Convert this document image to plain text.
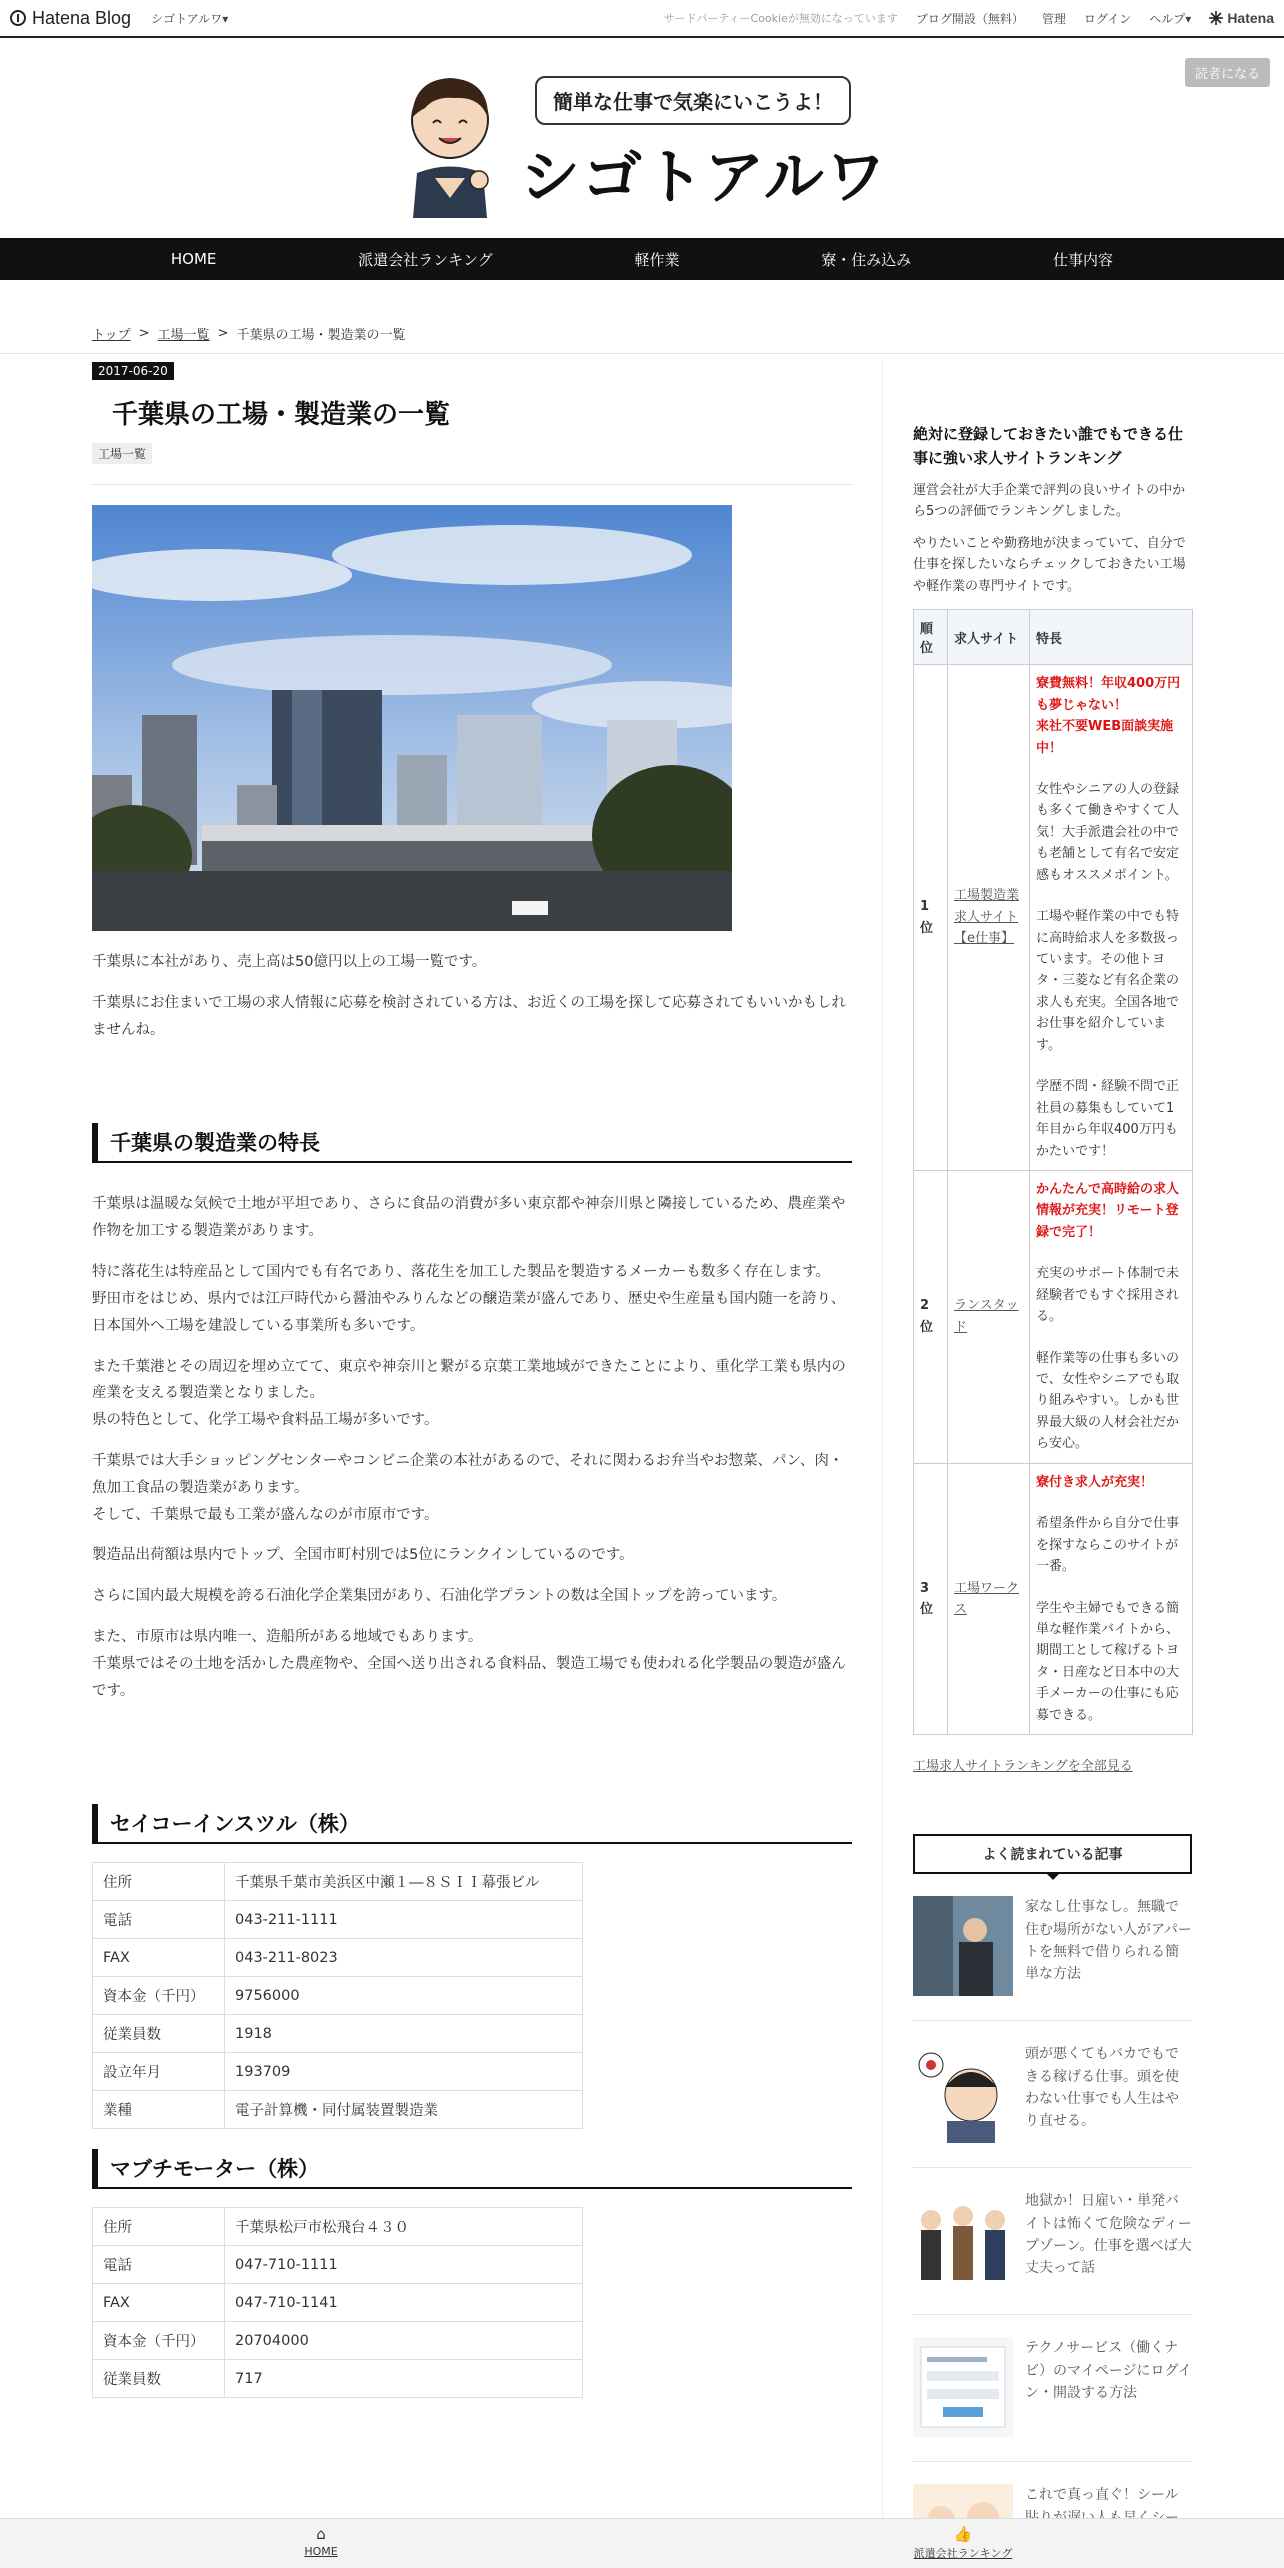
Hatena Blog シゴトアルワ▾	サードパーティーCookieが無効になっています ブログ開設（無料） 管理 ログイン ヘルプ▾	Hatena
読者になる
簡単な仕事で気楽にいこうよ！
シゴトアルワ
HOME	派遣会社ランキング	軽作業	寮・住み込み	仕事内容
トップ > 工場一覧 > 千葉県の工場・製造業の一覧
2017-06-20
千葉県の工場・製造業の一覧
工場一覧

千葉県に本社があり、売上高は50億円以上の工場一覧です。

千葉県にお住まいで工場の求人情報に応募を検討されている方は、お近くの工場を探して応募されてもいいかもしれませんね。

千葉県の製造業の特長

千葉県は温暖な気候で土地が平坦であり、さらに食品の消費が多い東京都や神奈川県と隣接しているため、農産業や作物を加工する製造業があります。

特に落花生は特産品として国内でも有名であり、落花生を加工した製品を製造するメーカーも数多く存在します。
野田市をはじめ、県内では江戸時代から醤油やみりんなどの醸造業が盛んであり、歴史や生産量も国内随一を誇り、日本国外へ工場を建設している事業所も多いです。

また千葉港とその周辺を埋め立てて、東京や神奈川と繋がる京葉工業地域ができたことにより、重化学工業も県内の産業を支える製造業となりました。
県の特色として、化学工場や食料品工場が多いです。

千葉県では大手ショッピングセンターやコンビニ企業の本社があるので、それに関わるお弁当やお惣菜、パン、肉・魚加工食品の製造業があります。
そして、千葉県で最も工業が盛んなのが市原市です。

製造品出荷額は県内でトップ、全国市町村別では5位にランクインしているのです。

さらに国内最大規模を誇る石油化学企業集団があり、石油化学プラントの数は全国トップを誇っています。

また、市原市は県内唯一、造船所がある地域でもあります。
千葉県ではその土地を活かした農産物や、全国へ送り出される食料品、製造工場でも使われる化学製品の製造が盛んです。

セイコーインスツル（株）
住所	千葉県千葉市美浜区中瀬１―８ＳＩＩ幕張ビル
電話	043-211-1111
FAX	043-211-8023
資本金（千円）	9756000
従業員数	1918
設立年月	193709
業種	電子計算機・同付属装置製造業
マブチモーター（株）
住所	千葉県松戸市松飛台４３０
電話	047-710-1111
FAX	047-710-1141
資本金（千円）	20704000
従業員数	717
絶対に登録しておきたい誰でもできる仕事に強い求人サイトランキング

運営会社が大手企業で評判の良いサイトの中から5つの評価でランキングしました。

やりたいことや勤務地が決まっていて、自分で仕事を探したいならチェックしておきたい工場や軽作業の専門サイトです。

順位	求人サイト	特長
1位	工場製造業求人サイト【e仕事】	寮費無料！年収400万円も夢じゃない！
来社不要WEB面談実施中！

女性やシニアの人の登録も多くて働きやすくて人気！大手派遣会社の中でも老舗として有名で安定感もオススメポイント。

工場や軽作業の中でも特に高時給求人を多数扱っています。その他トヨタ・三菱など有名企業の求人も充実。全国各地でお仕事を紹介しています。

学歴不問・経験不問で正社員の募集もしていて1年目から年収400万円もかたいです！

2位	ランスタッド	かんたんで高時給の求人情報が充実！リモート登録で完了！

充実のサポート体制で未経験者でもすぐ採用される。

軽作業等の仕事も多いので、女性やシニアでも取り組みやすい。しかも世界最大級の人材会社だから安心。

3位	工場ワークス	寮付き求人が充実！

希望条件から自分で仕事を探すならこのサイトが一番。

学生や主婦でもできる簡単な軽作業バイトから、期間工として稼げるトヨタ・日産など日本中の大手メーカーの仕事にも応募できる。

工場求人サイトランキングを全部見る
よく読まれている記事
家なし仕事なし。無職で住む場所がない人がアパートを無料で借りられる簡単な方法
頭が悪くてもバカでもできる稼げる仕事。頭を使わない仕事でも人生はやり直せる。
地獄か！日雇い・単発バイトは怖くて危険なディープゾーン。仕事を選べば大丈夫って話
テクノサービス（働くナビ）のマイページにログイン・開設する方法
これで真っ直ぐ！シール
⌂
HOME
👍
派遣会社ランキング
